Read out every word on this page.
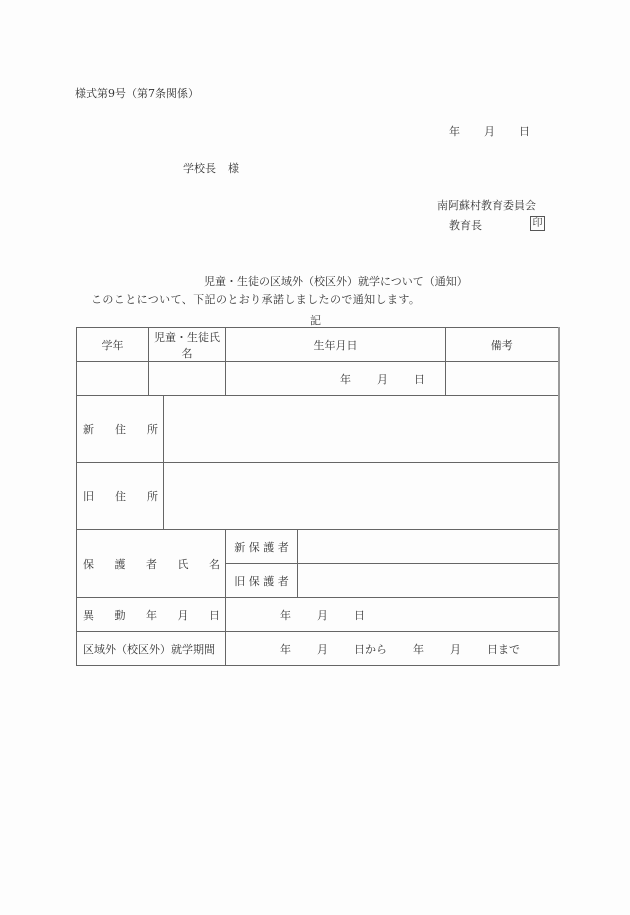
様式第9号（第7条関係）
年 月 日
学校長 様
南阿蘇村教育委員会
教育長	印
児童・生徒の区域外（校区外）就学について（通知）
このことについて、下記のとおり承諾しましたので通知します。
記
学年	児童・生徒氏名		生年月日		備考

			年 月 日		

新 住 所					

旧 住 所					

保 護 者 氏 名			新 保 護 者		
			旧 保 護 者		

異 動 年 月 日			年 月 日		

区域外（校区外）就学期間	年 月 日から 年 月 日まで
